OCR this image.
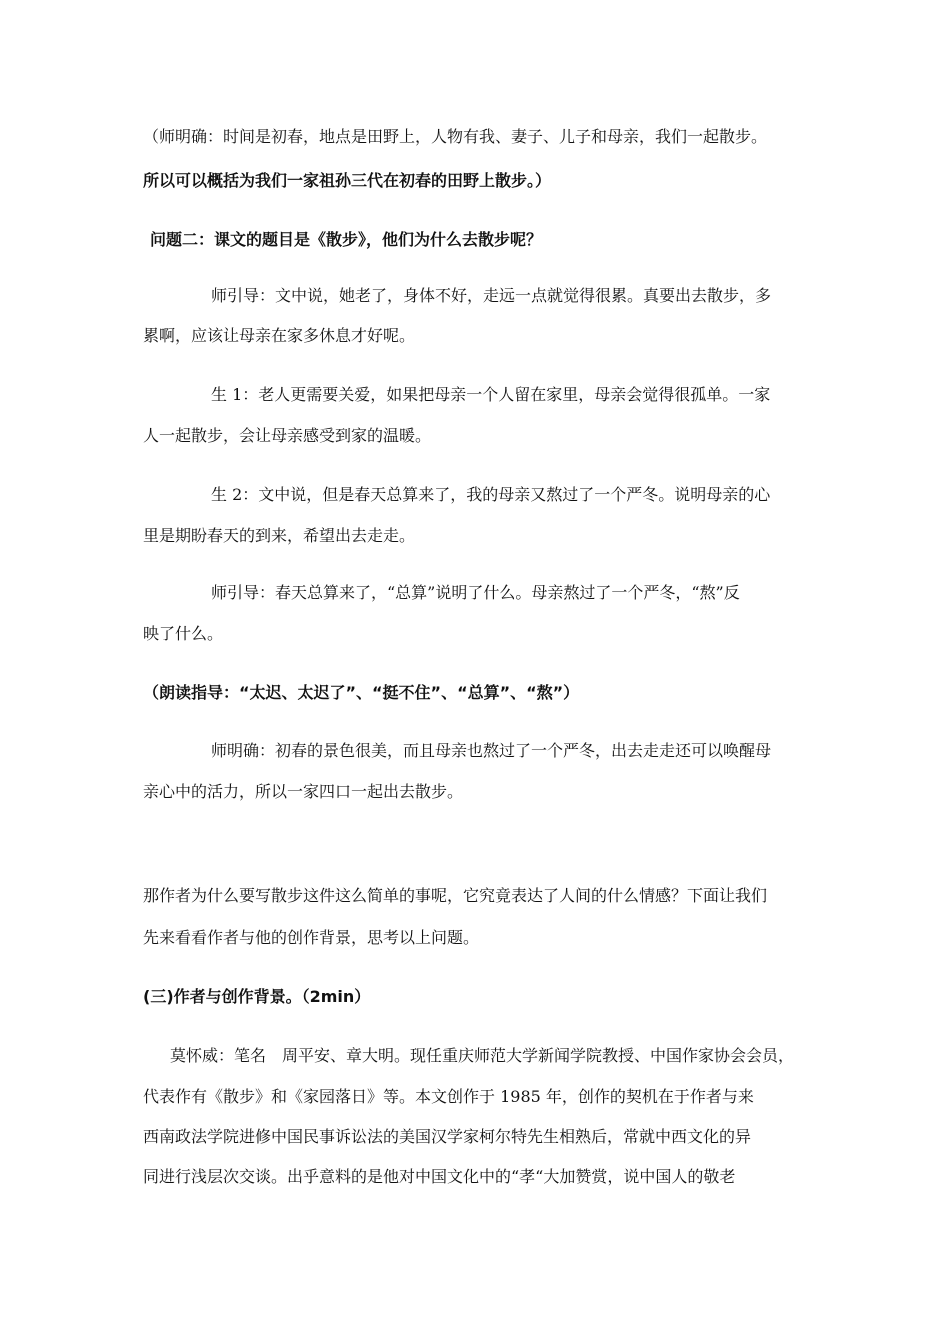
（师明确：时间是初春，地点是田野上，人物有我、妻子、儿子和母亲，我们一起散步。
所以可以概括为我们一家祖孙三代在初春的田野上散步。）
问题二：课文的题目是《散步》，他们为什么去散步呢？
师引导：文中说，她老了，身体不好，走远一点就觉得很累。真要出去散步，多
累啊，应该让母亲在家多休息才好呢。
生 1：老人更需要关爱，如果把母亲一个人留在家里，母亲会觉得很孤单。一家
人一起散步，会让母亲感受到家的温暖。
生 2：文中说，但是春天总算来了，我的母亲又熬过了一个严冬。说明母亲的心
里是期盼春天的到来，希望出去走走。
师引导：春天总算来了，“总算”说明了什么。母亲熬过了一个严冬，“熬”反
映了什么。
（朗读指导：“太迟、太迟了”、“挺不住”、“总算”、“熬”）
师明确：初春的景色很美，而且母亲也熬过了一个严冬，出去走走还可以唤醒母
亲心中的活力，所以一家四口一起出去散步。
那作者为什么要写散步这件这么简单的事呢，它究竟表达了人间的什么情感？下面让我们
先来看看作者与他的创作背景，思考以上问题。
(三)作者与创作背景。（2min）
莫怀威：笔名　周平安、章大明。现任重庆师范大学新闻学院教授、中国作家协会会员，
代表作有《散步》和《家园落日》等。本文创作于 1985 年，创作的契机在于作者与来
西南政法学院进修中国民事诉讼法的美国汉学家柯尔特先生相熟后，常就中西文化的异
同进行浅层次交谈。出乎意料的是他对中国文化中的“孝“大加赞赏，说中国人的敬老
